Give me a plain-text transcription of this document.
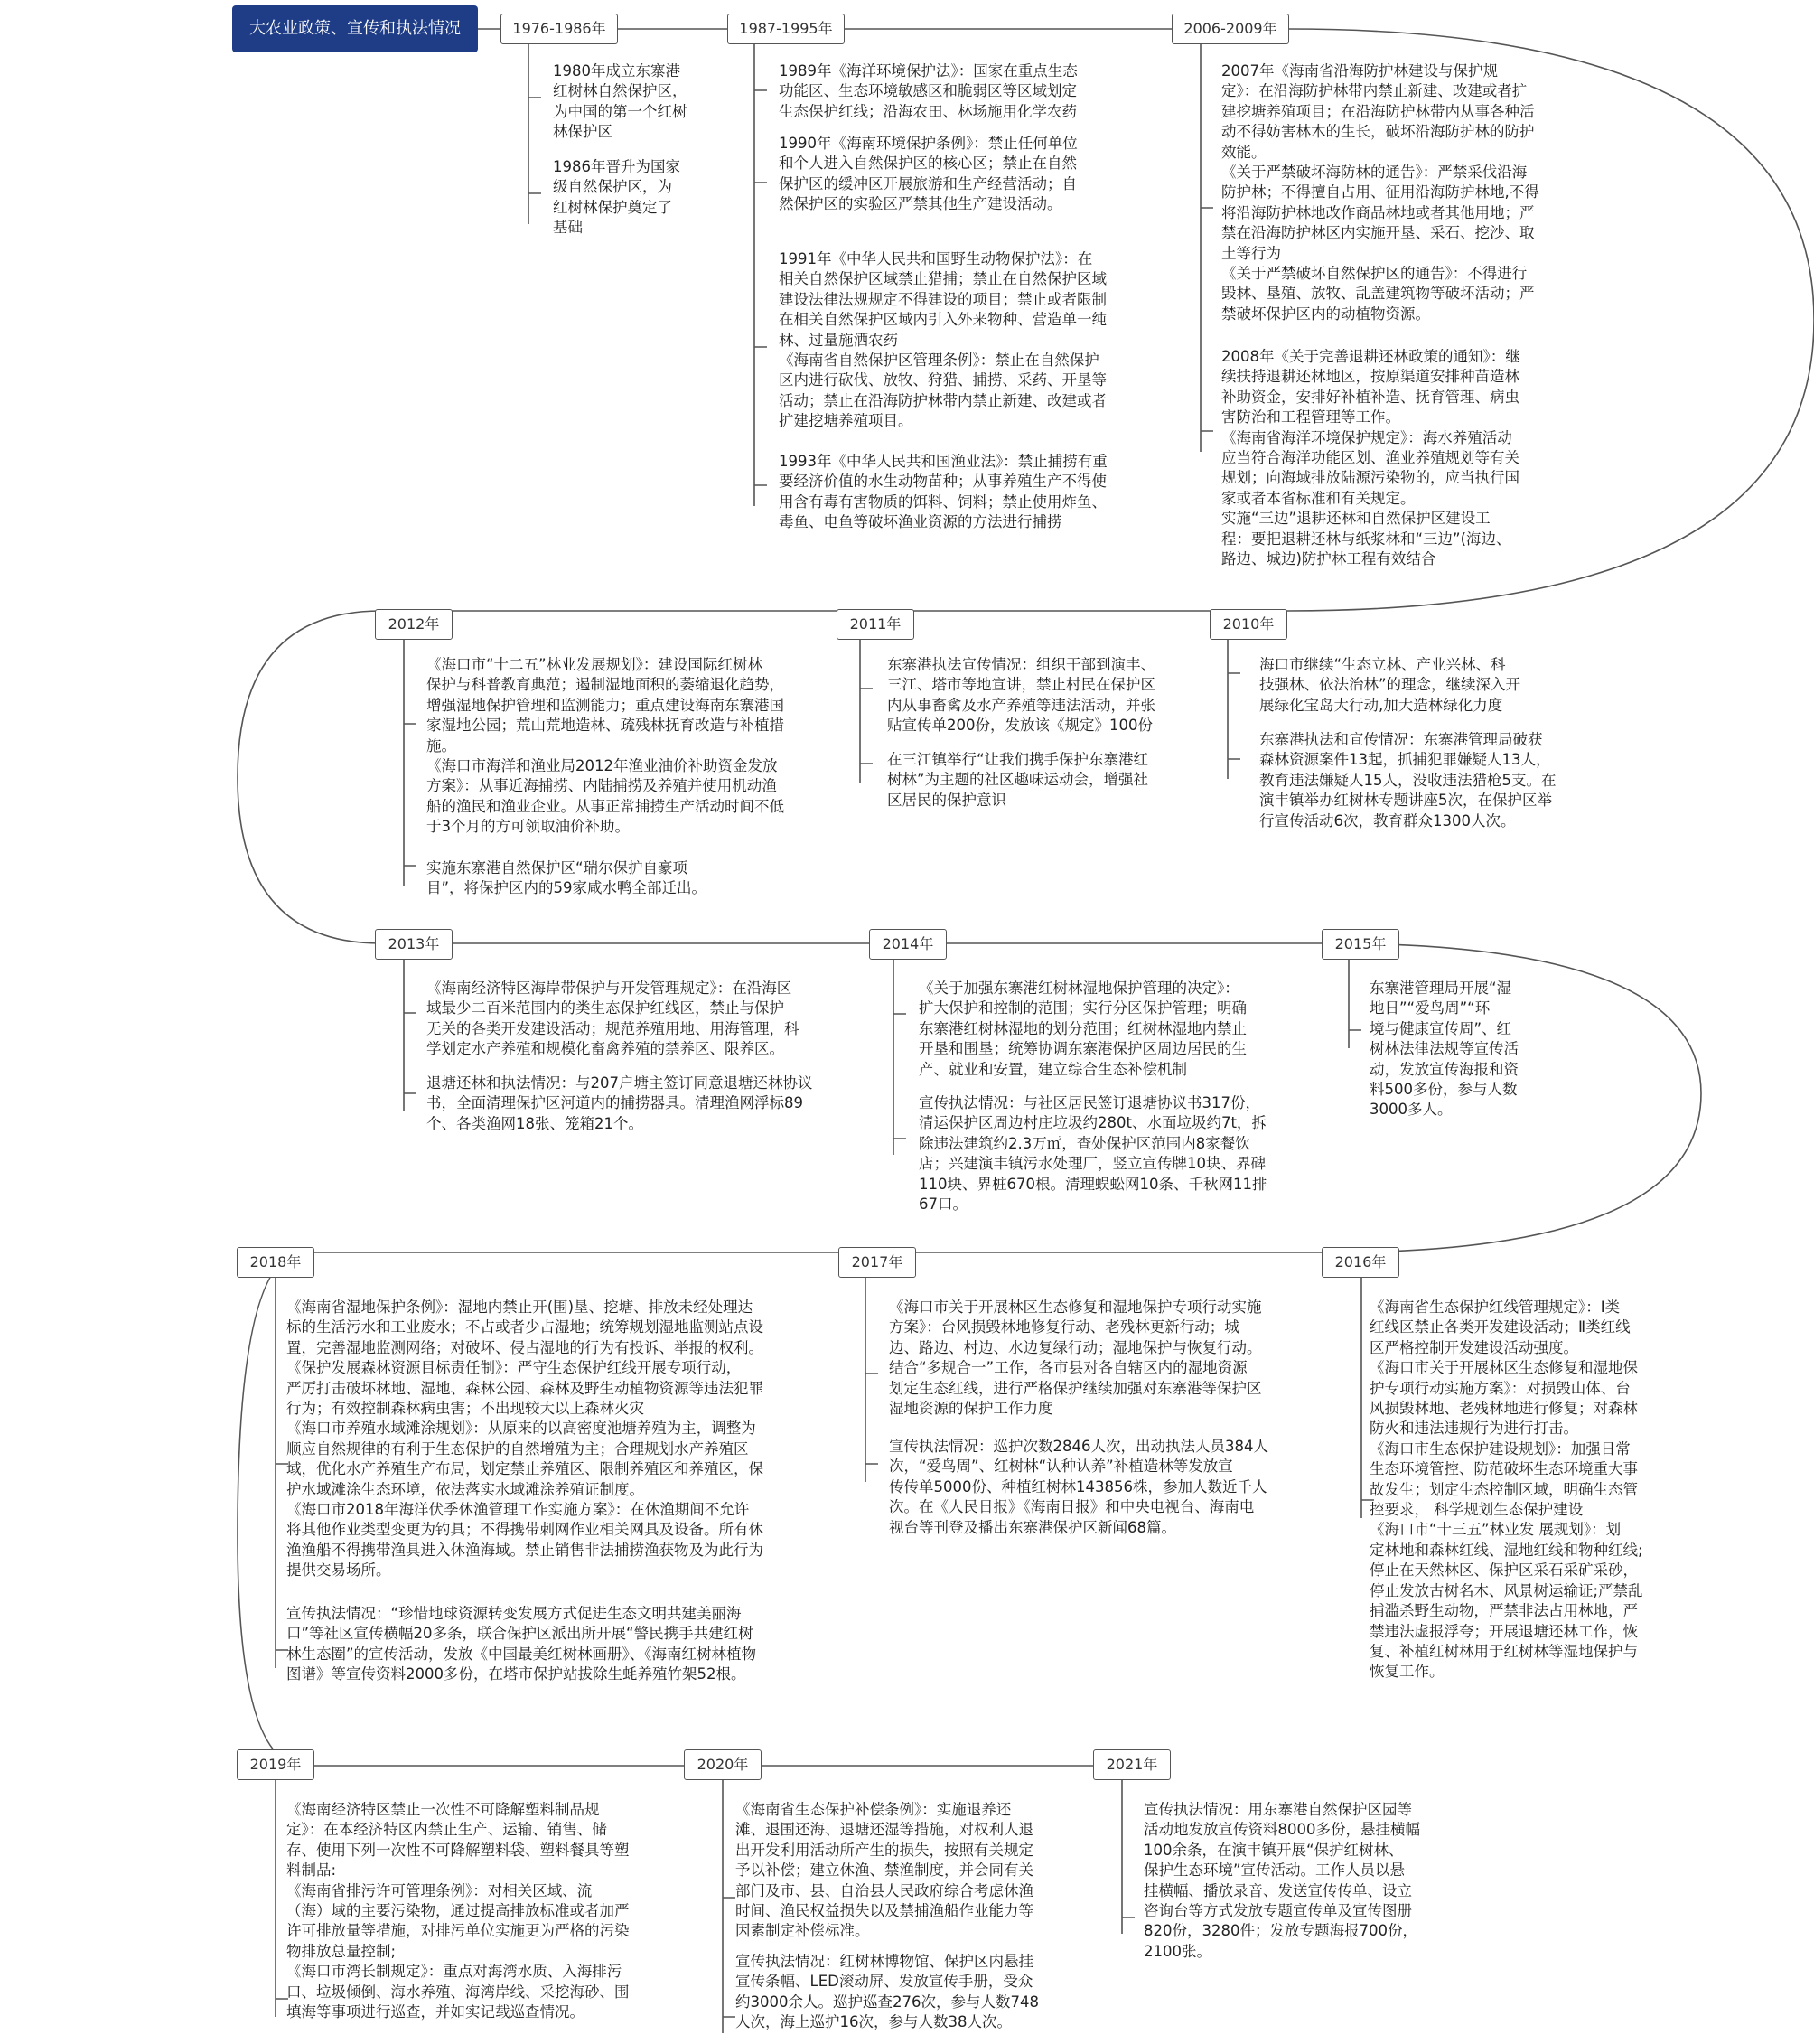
大农业政策、宣传和执法情况	1976-1986年	1987-1995年	2006-2009年
2010年
2011年
2012年
2013年	2014年	2015年
2016年
2017年
2018年
2019年	2020年	2021年
1980年成立东寨港
红树林自然保护区，
为中国的第一个红树
林保护区
1986年晋升为国家
级自然保护区，为
红树林保护奠定了
基础
1989年《海洋环境保护法》：国家在重点生态
功能区、生态环境敏感区和脆弱区等区域划定
生态保护红线；沿海农田、林场施用化学农药
1990年《海南环境保护条例》：禁止任何单位
和个人进入自然保护区的核心区；禁止在自然
保护区的缓冲区开展旅游和生产经营活动；自
然保护区的实验区严禁其他生产建设活动。
1991年《中华人民共和国野生动物保护法》：在
相关自然保护区域禁止猎捕；禁止在自然保护区域
建设法律法规规定不得建设的项目；禁止或者限制
在相关自然保护区域内引入外来物种、营造单一纯
林、过量施洒农药
《海南省自然保护区管理条例》：禁止在自然保护
区内进行砍伐、放牧、狩猎、捕捞、采药、开垦等
活动；禁止在沿海防护林带内禁止新建、改建或者
扩建挖塘养殖项目。
1993年《中华人民共和国渔业法》：禁止捕捞有重
要经济价值的水生动物苗种；从事养殖生产不得使
用含有毒有害物质的饵料、饲料；禁止使用炸鱼、
毒鱼、电鱼等破坏渔业资源的方法进行捕捞
2007年《海南省沿海防护林建设与保护规
定》：在沿海防护林带内禁止新建、改建或者扩
建挖塘养殖项目；在沿海防护林带内从事各种活
动不得妨害林木的生长，破坏沿海防护林的防护
效能。
《关于严禁破坏海防林的通告》：严禁采伐沿海
防护林；不得擅自占用、征用沿海防护林地,不得
将沿海防护林地改作商品林地或者其他用地；严
禁在沿海防护林区内实施开垦、采石、挖沙、取
土等行为
《关于严禁破坏自然保护区的通告》：不得进行
毁林、垦殖、放牧、乱盖建筑物等破坏活动；严
禁破坏保护区内的动植物资源。
2008年《关于完善退耕还林政策的通知》：继
续扶持退耕还林地区，按原渠道安排种苗造林
补助资金，安排好补植补造、抚育管理、病虫
害防治和工程管理等工作。
《海南省海洋环境保护规定》：海水养殖活动
应当符合海洋功能区划、渔业养殖规划等有关
规划；向海域排放陆源污染物的，应当执行国
家或者本省标准和有关规定。
实施“三边”退耕还林和自然保护区建设工
程：要把退耕还林与纸浆林和“三边”(海边、
路边、城边)防护林工程有效结合
海口市继续“生态立林、产业兴林、科
技强林、依法治林”的理念，继续深入开
展绿化宝岛大行动,加大造林绿化力度
东寨港执法和宣传情况：东寨港管理局破获
森林资源案件13起，抓捕犯罪嫌疑人13人，
教育违法嫌疑人15人，没收违法猎枪5支。在
演丰镇举办红树林专题讲座5次，在保护区举
行宣传活动6次，教育群众1300人次。
东寨港执法宣传情况：组织干部到演丰、
三江、塔市等地宣讲，禁止村民在保护区
内从事畜禽及水产养殖等违法活动，并张
贴宣传单200份，发放该《规定》100份
在三江镇举行“让我们携手保护东寨港红
树林”为主题的社区趣味运动会，增强社
区居民的保护意识
《海口市“十二五”林业发展规划》：建设国际红树林
保护与科普教育典范；遏制湿地面积的萎缩退化趋势，
增强湿地保护管理和监测能力；重点建设海南东寨港国
家湿地公园；荒山荒地造林、疏残林抚育改造与补植措
施。
《海口市海洋和渔业局2012年渔业油价补助资金发放
方案》：从事近海捕捞、内陆捕捞及养殖并使用机动渔
船的渔民和渔业企业。从事正常捕捞生产活动时间不低
于3个月的方可领取油价补助。
实施东寨港自然保护区“瑞尔保护自豪项
目”，将保护区内的59家咸水鸭全部迁出。
《海南经济特区海岸带保护与开发管理规定》：在沿海区
域最少二百米范围内的类生态保护红线区，禁止与保护
无关的各类开发建设活动；规范养殖用地、用海管理，科
学划定水产养殖和规模化畜禽养殖的禁养区、限养区。
退塘还林和执法情况：与207户塘主签订同意退塘还林协议
书，全面清理保护区河道内的捕捞器具。清理渔网浮标89
个、各类渔网18张、笼箱21个。
《关于加强东寨港红树林湿地保护管理的决定》：
扩大保护和控制的范围；实行分区保护管理；明确
东寨港红树林湿地的划分范围；红树林湿地内禁止
开垦和围垦；统筹协调东寨港保护区周边居民的生
产、就业和安置，建立综合生态补偿机制
宣传执法情况：与社区居民签订退塘协议书317份，
清运保护区周边村庄垃圾约280t、水面垃圾约7t，拆
除违法建筑约2.3万㎡，查处保护区范围内8家餐饮
店；兴建演丰镇污水处理厂，竖立宣传牌10块、界碑
110块、界桩670根。清理蜈蚣网10条、千秋网11排
67口。
东寨港管理局开展“湿
地日”“爱鸟周”“环
境与健康宣传周”、红
树林法律法规等宣传活
动，发放宣传海报和资
料500多份，参与人数
3000多人。
《海南省生态保护红线管理规定》：Ⅰ类
红线区禁止各类开发建设活动；Ⅱ类红线
区严格控制开发建设活动强度。
《海口市关于开展林区生态修复和湿地保
护专项行动实施方案》：对损毁山体、台
风损毁林地、老残林地进行修复；对森林
防火和违法违规行为进行打击。
《海口市生态保护建设规划》：加强日常
生态环境管控、防范破坏生态环境重大事
故发生；划定生态控制区域，明确生态管
控要求， 科学规划生态保护建设
《海口市“十三五”林业发 展规划》：划
定林地和森林红线、湿地红线和物种红线;
停止在天然林区、保护区采石采矿采砂，
停止发放古树名木、风景树运输证;严禁乱
捕滥杀野生动物，严禁非法占用林地，严
禁违法虚报浮夸；开展退塘还林工作，恢
复、补植红树林用于红树林等湿地保护与
恢复工作。
《海口市关于开展林区生态修复和湿地保护专项行动实施
方案》：台风损毁林地修复行动、老残林更新行动；城
边、路边、村边、水边复绿行动；湿地保护与恢复行动。
结合“多规合一”工作，各市县对各自辖区内的湿地资源
划定生态红线，进行严格保护继续加强对东寨港等保护区
湿地资源的保护工作力度
宣传执法情况：巡护次数2846人次，出动执法人员384人
次，“爱鸟周”、红树林“认种认养”补植造林等发放宣
传传单5000份、种植红树林143856株，参加人数近千人
次。在《人民日报》《海南日报》和中央电视台、海南电
视台等刊登及播出东寨港保护区新闻68篇。
《海南省湿地保护条例》：湿地内禁止开(围)垦、挖塘、排放未经处理达
标的生活污水和工业废水；不占或者少占湿地；统筹规划湿地监测站点设
置，完善湿地监测网络；对破坏、侵占湿地的行为有投诉、举报的权利。
《保护发展森林资源目标责任制》：严守生态保护红线开展专项行动，
严厉打击破坏林地、湿地、森林公园、森林及野生动植物资源等违法犯罪
行为；有效控制森林病虫害；不出现较大以上森林火灾
《海口市养殖水域滩涂规划》：从原来的以高密度池塘养殖为主，调整为
顺应自然规律的有利于生态保护的自然增殖为主；合理规划水产养殖区
域，优化水产养殖生产布局，划定禁止养殖区、限制养殖区和养殖区，保
护水域滩涂生态环境，依法落实水域滩涂养殖证制度。
《海口市2018年海洋伏季休渔管理工作实施方案》：在休渔期间不允许
将其他作业类型变更为钓具；不得携带刺网作业相关网具及设备。所有休
渔渔船不得携带渔具进入休渔海域。禁止销售非法捕捞渔获物及为此行为
提供交易场所。
宣传执法情况：“珍惜地球资源转变发展方式促进生态文明共建美丽海
口”等社区宣传横幅20多条，联合保护区派出所开展“警民携手共建红树
林生态圈”的宣传活动，发放《中国最美红树林画册》、《海南红树林植物
图谱》等宣传资料2000多份，在塔市保护站拔除生蚝养殖竹架52根。
《海南经济特区禁止一次性不可降解塑料制品规
定》：在本经济特区内禁止生产、运输、销售、储
存、使用下列一次性不可降解塑料袋、塑料餐具等塑
料制品:
《海南省排污许可管理条例》：对相关区域、流
（海）域的主要污染物，通过提高排放标准或者加严
许可排放量等措施，对排污单位实施更为严格的污染
物排放总量控制;
《海口市湾长制规定》：重点对海湾水质、入海排污
口、垃圾倾倒、海水养殖、海湾岸线、采挖海砂、围
填海等事项进行巡查，并如实记载巡查情况。
《海南省生态保护补偿条例》：实施退养还
滩、退围还海、退塘还湿等措施，对权利人退
出开发利用活动所产生的损失，按照有关规定
予以补偿；建立休渔、禁渔制度，并会同有关
部门及市、县、自治县人民政府综合考虑休渔
时间、渔民权益损失以及禁捕渔船作业能力等
因素制定补偿标准。
宣传执法情况：红树林博物馆、保护区内悬挂
宣传条幅、LED滚动屏、发放宣传手册，受众
约3000余人。巡护巡查276次，参与人数748
人次，海上巡护16次，参与人数38人次。
宣传执法情况：用东寨港自然保护区园等
活动地发放宣传资料8000多份，悬挂横幅
100余条，在演丰镇开展“保护红树林、
保护生态环境”宣传活动。工作人员以悬
挂横幅、播放录音、发送宣传传单、设立
咨询台等方式发放专题宣传单及宣传图册
820份，3280件；发放专题海报700份，
2100张。
